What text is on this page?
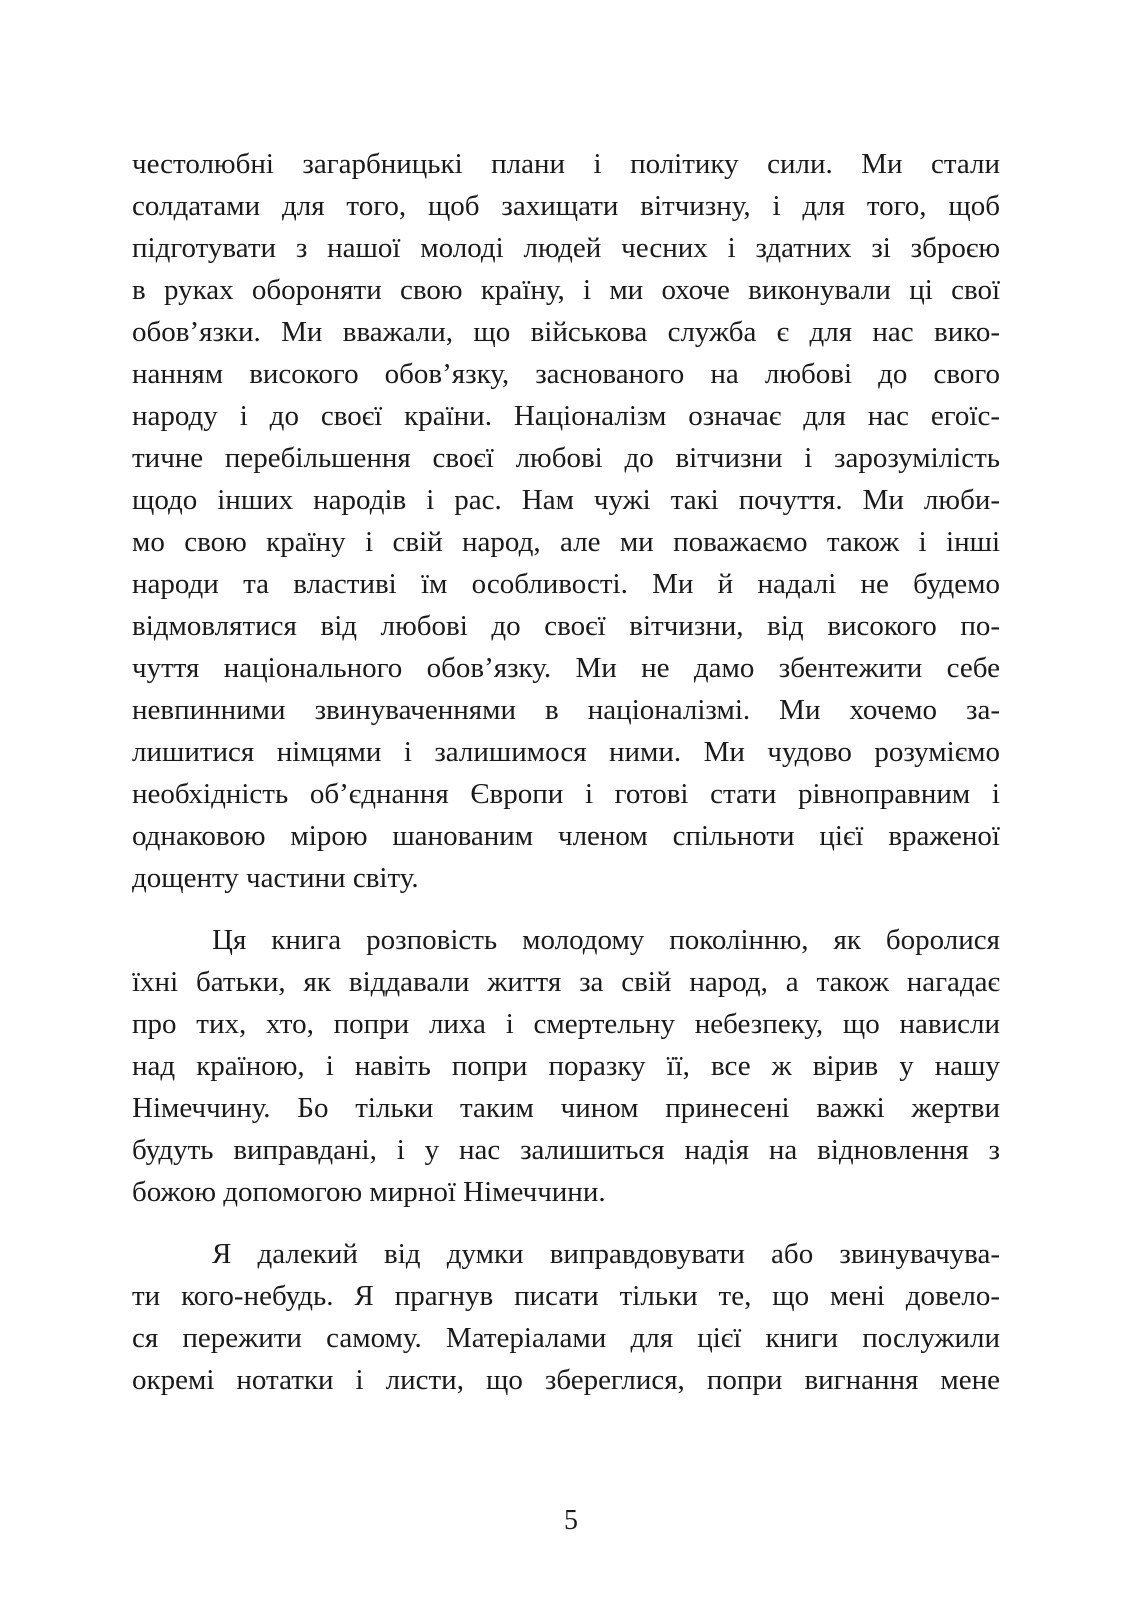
честолюбні загарбницькі плани і політику сили. Ми стали
солдатами для того, щоб захищати вітчизну, і для того, щоб
підготувати з нашої молоді людей чесних і здатних зі зброєю
в руках обороняти свою країну, і ми охоче виконували ці свої
обов’язки. Ми вважали, що військова служба є для нас вико-
нанням високого обов’язку, заснованого на любові до свого
народу і до своєї країни. Націоналізм означає для нас егоїс-
тичне перебільшення своєї любові до вітчизни і зарозумілість
щодо інших народів і рас. Нам чужі такі почуття. Ми люби-
мо свою країну і свій народ, але ми поважаємо також і інші
народи та властиві їм особливості. Ми й надалі не будемо
відмовлятися від любові до своєї вітчизни, від високого по-
чуття національного обов’язку. Ми не дамо збентежити себе
невпинними звинуваченнями в націоналізмі. Ми хочемо за-
лишитися німцями і залишимося ними. Ми чудово розуміємо
необхідність об’єднання Європи і готові стати рівноправним і
однаковою мірою шанованим членом спільноти цієї враженої
дощенту частини світу.
Ця книга розповість молодому поколінню, як боролися
їхні батьки, як віддавали життя за свій народ, а також нагадає
про тих, хто, попри лиха і смертельну небезпеку, що нависли
над країною, і навіть попри поразку її, все ж вірив у нашу
Німеччину. Бо тільки таким чином принесені важкі жертви
будуть виправдані, і у нас залишиться надія на відновлення з
божою допомогою мирної Німеччини.
Я далекий від думки виправдовувати або звинувачува-
ти кого-небудь. Я прагнув писати тільки те, що мені довело-
ся пережити самому. Матеріалами для цієї книги послужили
окремі нотатки і листи, що збереглися, попри вигнання мене
5
